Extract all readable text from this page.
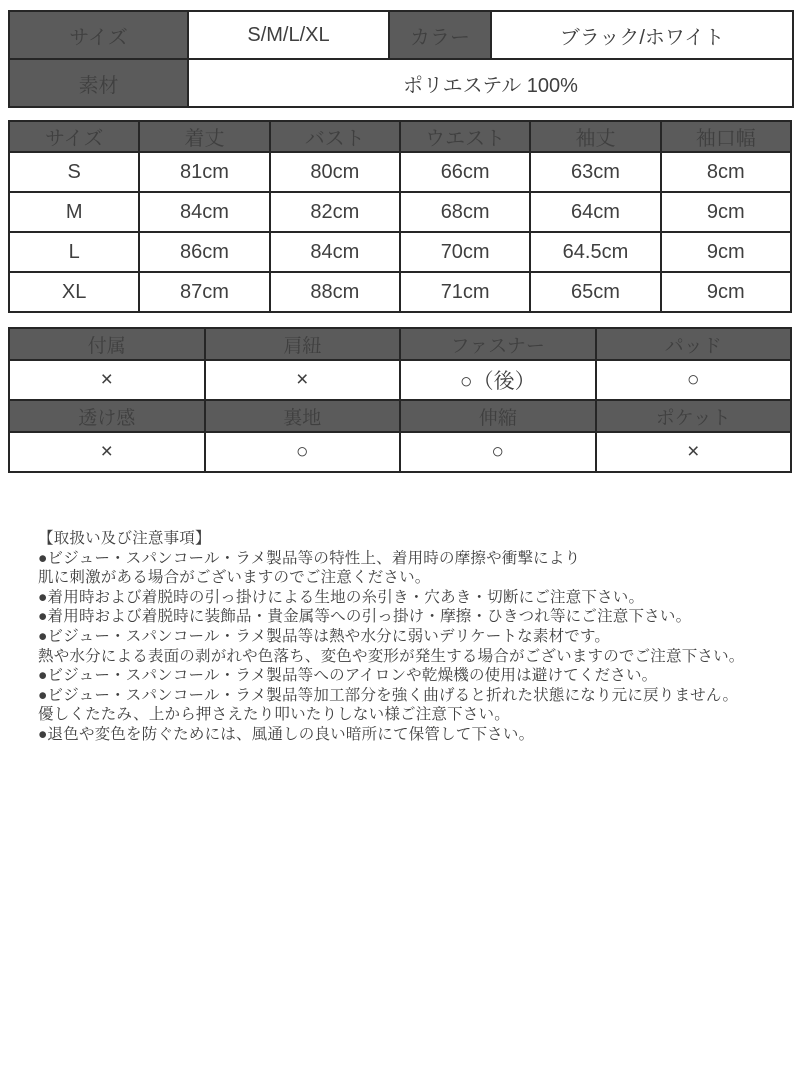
サイズ	S/M/L/XL	カラー	ブラック/ホワイト
素材	ポリエステル 100%		
サイズ	着丈	バスト	ウエスト	袖丈	袖口幅
S	81cm	80cm	66cm	63cm	8cm
M	84cm	82cm	68cm	64cm	9cm
L	86cm	84cm	70cm	64.5cm	9cm
XL	87cm	88cm	71cm	65cm	9cm
付属	肩紐	ファスナー	パッド
×	×	○（後）	○
透け感	裏地	伸縮	ポケット
×	○	○	×
【取扱い及び注意事項】
●ビジュー・スパンコール・ラメ製品等の特性上、着用時の摩擦や衝撃により
肌に刺激がある場合がございますのでご注意ください。
●着用時および着脱時の引っ掛けによる生地の糸引き・穴あき・切断にご注意下さい。
●着用時および着脱時に装飾品・貴金属等への引っ掛け・摩擦・ひきつれ等にご注意下さい。
●ビジュー・スパンコール・ラメ製品等は熱や水分に弱いデリケートな素材です。
熱や水分による表面の剥がれや色落ち、変色や変形が発生する場合がございますのでご注意下さい。
●ビジュー・スパンコール・ラメ製品等へのアイロンや乾燥機の使用は避けてください。
●ビジュー・スパンコール・ラメ製品等加工部分を強く曲げると折れた状態になり元に戻りません。
優しくたたみ、上から押さえたり叩いたりしない様ご注意下さい。
●退色や変色を防ぐためには、風通しの良い暗所にて保管して下さい。
